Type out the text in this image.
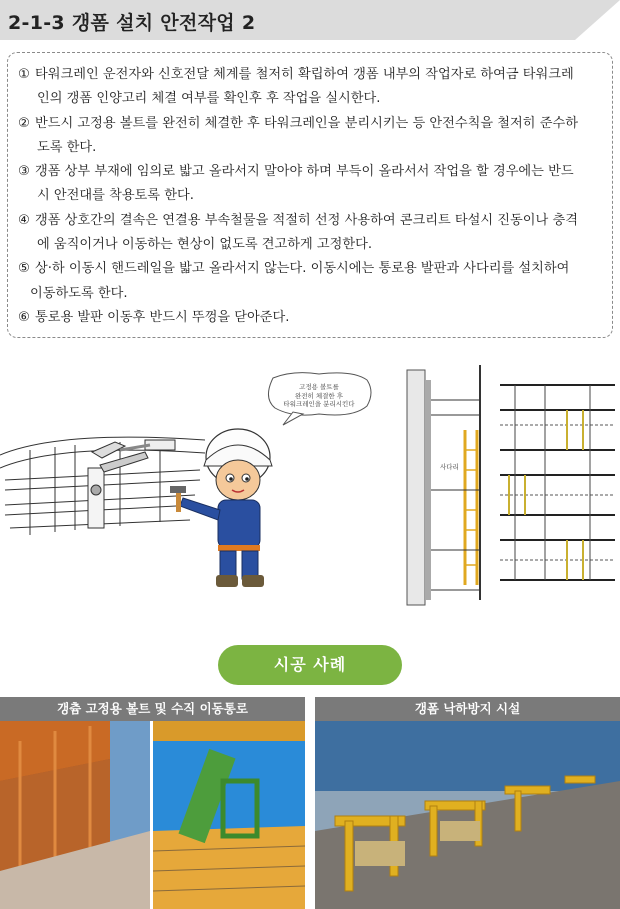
2-1-3 갱폼 설치 안전작업 2
① 타워크레인 운전자와 신호전달 체계를 철저히 확립하여 갱폼 내부의 작업자로 하여금 타워크레
인의 갱폼 인양고리 체결 여부를 확인후 후 작업을 실시한다.
② 반드시 고정용 볼트를 완전히 체결한 후 타워크레인을 분리시키는 등 안전수칙을 철저히 준수하
도록 한다.
③ 갱폼 상부 부재에 임의로 밟고 올라서지 말아야 하며 부득이 올라서서 작업을 할 경우에는 반드
시 안전대를 착용토록 한다.
④ 갱폼 상호간의 결속은 연결용 부속철물을 적절히 선정 사용하여 콘크리트 타설시 진동이나 충격
에 움직이거나 이동하는 현상이 없도록 견고하게 고정한다.
⑤ 상·하 이동시 핸드레일을 밟고 올라서지 않는다. 이동시에는 통로용 발판과 사다리를 설치하여
이동하도록 한다.
⑥ 통로용 발판 이동후 반드시 뚜껑을 닫아준다.
고정용 볼트를
완전히 체결한 후
타워크레인을 분리시킨다
사다리
시공 사례
갱츔 고정용 볼트 및 수직 이동통로	갱폼 낙하방지 시설
